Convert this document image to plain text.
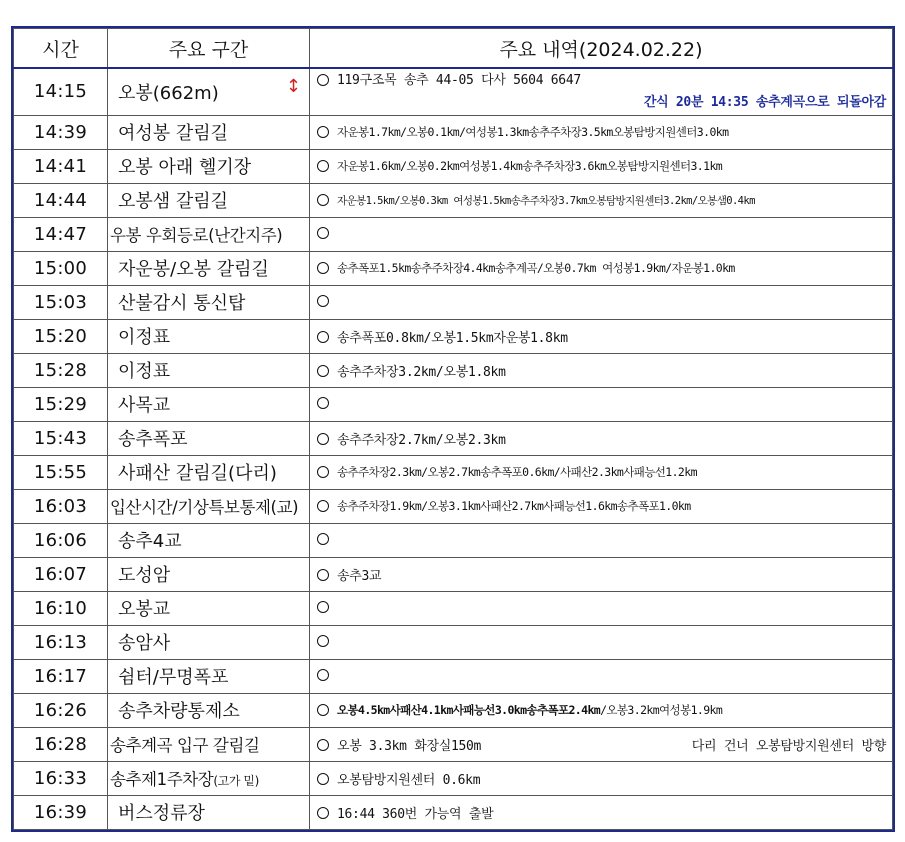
시간	주요 구간	주요 내역(2024.02.22)
14:15	오봉(662m) ↕	119구조목 송추 44-05 다사 5604 6647
간식 20분 14:35 송추계곡으로 되돌아감

14:39	여성봉 갈림길	자운봉1.7km/오봉0.1km/여성봉1.3km송추주차장3.5km오봉탐방지원센터3.0km
14:41	오봉 아래 헬기장	자운봉1.6km/오봉0.2km여성봉1.4km송추주차장3.6km오봉탐방지원센터3.1km
14:44	오봉샘 갈림길	자운봉1.5km/오봉0.3km 여성봉1.5km송추주차장3.7km오봉탐방지원센터3.2km/오봉샘0.4km
14:47	우봉 우회등로(난간지주)	
15:00	자운봉/오봉 갈림길	송추폭포1.5km송추주차장4.4km송추계곡/오봉0.7km 여성봉1.9km/자운봉1.0km
15:03	산불감시 통신탑	
15:20	이정표	송추폭포0.8km/오봉1.5km자운봉1.8km
15:28	이정표	송추주차장3.2km/오봉1.8km
15:29	사목교	
15:43	송추폭포	송추주차장2.7km/오봉2.3km
15:55	사패산 갈림길(다리)	송추주차장2.3km/오봉2.7km송추폭포0.6km/사패산2.3km사패능선1.2km
16:03	입산시간/기상특보통제(교)	송추주차장1.9km/오봉3.1km사패산2.7km사패능선1.6km송추폭포1.0km
16:06	송추4교	
16:07	도성암	송추3교
16:10	오봉교	
16:13	송암사	
16:17	쉼터/무명폭포	
16:26	송추차량통제소	오봉4.5km사패산4.1km사패능선3.0km송추폭포2.4km/오봉3.2km여성봉1.9km
16:28	송추계곡 입구 갈림길	오봉 3.3km 화장실150m 다리 건너 오봉탐방지원센터 방향

16:33	송추제1주차장(고가 밑)	오봉탐방지원센터 0.6km
16:39	버스정류장	16:44 360번 가능역 출발
